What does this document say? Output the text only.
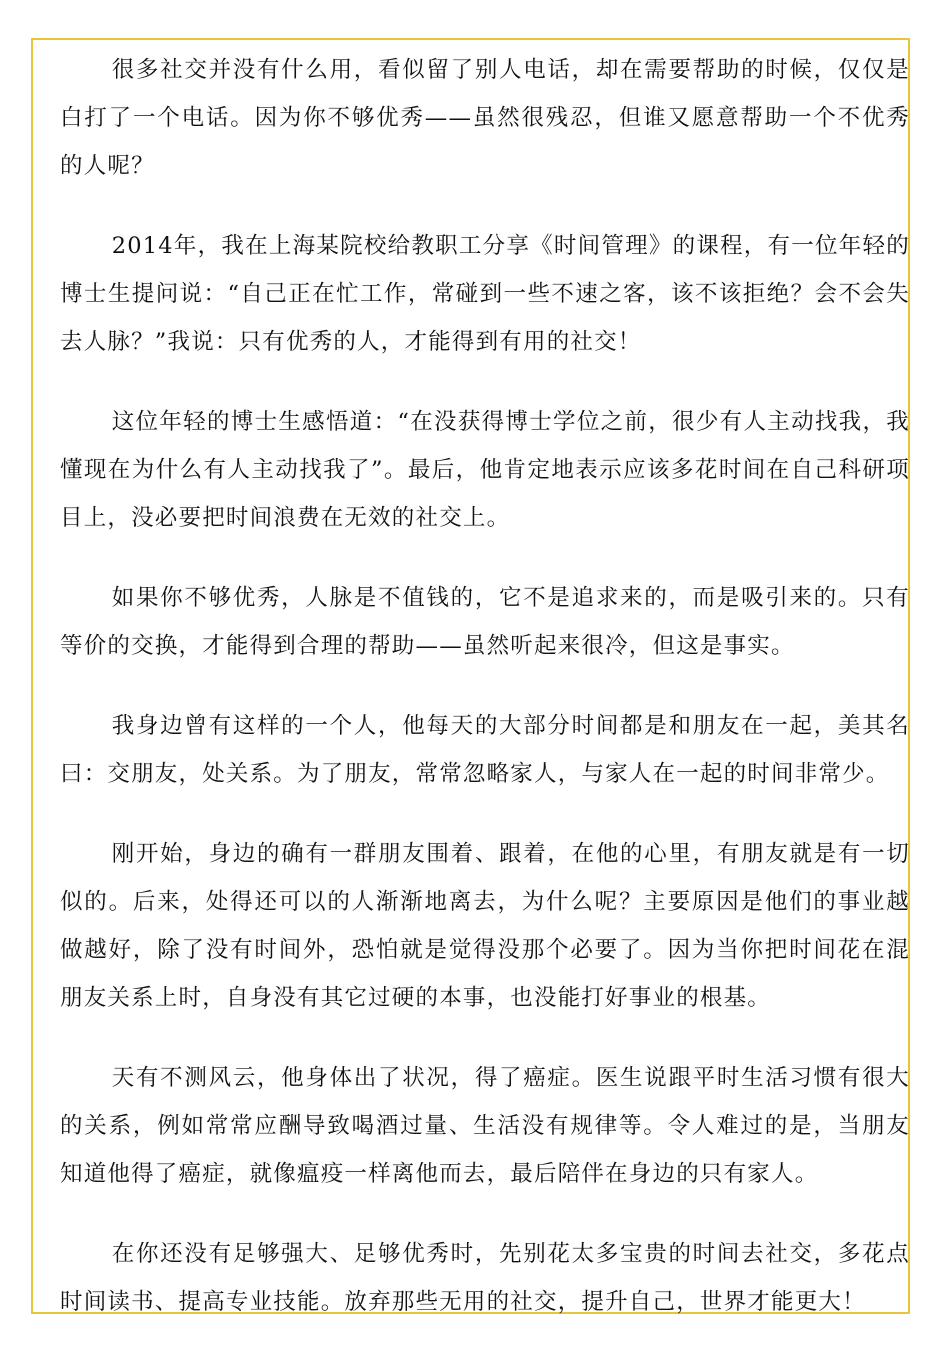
很多社交并没有什么用，看似留了别人电话，却在需要帮助的时候，仅仅是白打了一个电话。因为你不够优秀——虽然很残忍，但谁又愿意帮助一个不优秀的人呢？

2014年，我在上海某院校给教职工分享《时间管理》的课程，有一位年轻的博士生提问说：“自己正在忙工作，常碰到一些不速之客，该不该拒绝？会不会失去人脉？”我说：只有优秀的人，才能得到有用的社交！

这位年轻的博士生感悟道：“在没获得博士学位之前，很少有人主动找我，我懂现在为什么有人主动找我了”。最后，他肯定地表示应该多花时间在自己科研项目上，没必要把时间浪费在无效的社交上。

如果你不够优秀，人脉是不值钱的，它不是追求来的，而是吸引来的。只有等价的交换，才能得到合理的帮助——虽然听起来很冷，但这是事实。

我身边曾有这样的一个人，他每天的大部分时间都是和朋友在一起，美其名曰：交朋友，处关系。为了朋友，常常忽略家人，与家人在一起的时间非常少。

刚开始，身边的确有一群朋友围着、跟着，在他的心里，有朋友就是有一切似的。后来，处得还可以的人渐渐地离去，为什么呢？主要原因是他们的事业越做越好，除了没有时间外，恐怕就是觉得没那个必要了。因为当你把时间花在混朋友关系上时，自身没有其它过硬的本事，也没能打好事业的根基。

天有不测风云，他身体出了状况，得了癌症。医生说跟平时生活习惯有很大的关系，例如常常应酬导致喝酒过量、生活没有规律等。令人难过的是，当朋友知道他得了癌症，就像瘟疫一样离他而去，最后陪伴在身边的只有家人。

在你还没有足够强大、足够优秀时，先别花太多宝贵的时间去社交，多花点时间读书、提高专业技能。放弃那些无用的社交，提升自己，世界才能更大！
